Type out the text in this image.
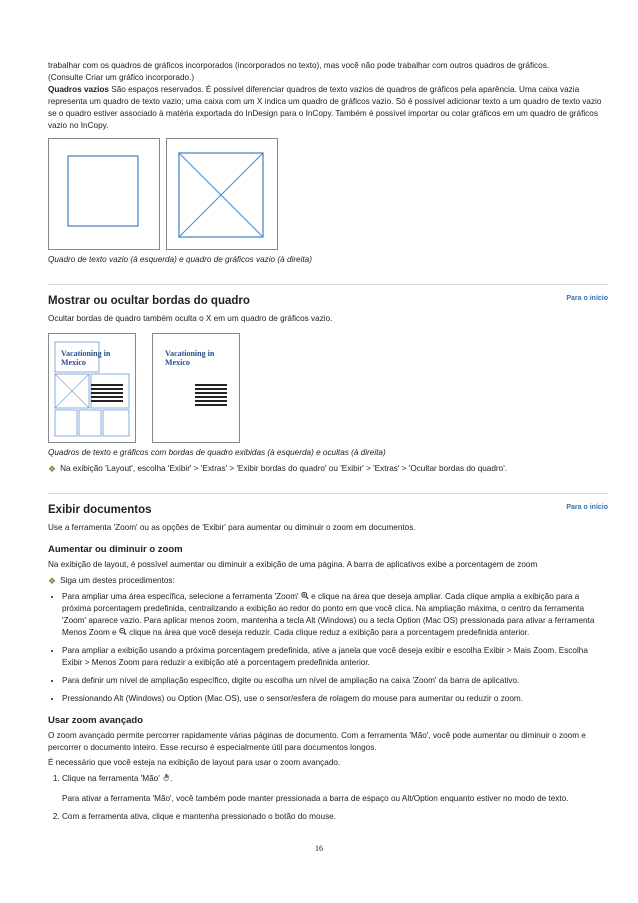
trabalhar com os quadros de gráficos incorporados (incorporados no texto), mas você não pode trabalhar com outros quadros de gráficos.

(Consulte Criar um gráfico incorporado.)

Quadros vazios São espaços reservados. É possível diferenciar quadros de texto vazios de quadros de gráficos pela aparência. Uma caixa vazia representa um quadro de texto vazio; uma caixa com um X indica um quadro de gráficos vazio. Só é possível adicionar texto a um quadro de texto vazio se o quadro estiver associado à matéria exportada do InDesign para o InCopy. Também é possível importar ou colar gráficos em um quadro de gráficos vazio no InCopy.

Quadro de texto vazio (à esquerda) e quadro de gráficos vazio (à direita)

Mostrar ou ocultar bordas do quadro	Para o início

Ocultar bordas de quadro também oculta o X em um quadro de gráficos vazio.

Vacationing in
Mexico
Vacationing in
Mexico

Quadros de texto e gráficos com bordas de quadro exibidas (à esquerda) e ocultas (à direita)

❖ Na exibição 'Layout', escolha 'Exibir' > 'Extras' > 'Exibir bordas do quadro' ou 'Exibir' > 'Extras' > 'Ocultar bordas do quadro'.
Exibir documentos	Para o início

Use a ferramenta 'Zoom' ou as opções de 'Exibir' para aumentar ou diminuir o zoom em documentos.

Aumentar ou diminuir o zoom

Na exibição de layout, é possível aumentar ou diminuir a exibição de uma página. A barra de aplicativos exibe a porcentagem de zoom

❖ Siga um destes procedimentos:
• Para ampliar uma área específica, selecione a ferramenta 'Zoom'  e clique na área que deseja ampliar. Cada clique amplia a exibição para a próxima porcentagem predefinida, centralizando a exibição ao redor do ponto em que você clica. Na ampliação máxima, o centro da ferramenta 'Zoom' aparece vazio. Para aplicar menos zoom, mantenha a tecla Alt (Windows) ou a tecla Option (Mac OS) pressionada para ativar a ferramenta Menos Zoom e  clique na área que você deseja reduzir. Cada clique reduz a exibição para a porcentagem predefinida anterior.
• Para ampliar a exibição usando a próxima porcentagem predefinida, ative a janela que você deseja exibir e escolha Exibir > Mais Zoom. Escolha Exibir > Menos Zoom para reduzir a exibição até a porcentagem predefinida anterior.
• Para definir um nível de ampliação específico, digite ou escolha um nível de ampliação na caixa 'Zoom' da barra de aplicativo.
• Pressionando Alt (Windows) ou Option (Mac OS), use o sensor/esfera de rolagem do mouse para aumentar ou reduzir o zoom.
Usar zoom avançado

O zoom avançado permite percorrer rapidamente várias páginas de documento. Com a ferramenta 'Mão', você pode aumentar ou diminuir o zoom e percorrer o documento inteiro. Esse recurso é especialmente útil para documentos longos.

É necessário que você esteja na exibição de layout para usar o zoom avançado.

1. Clique na ferramenta 'Mão' .

Para ativar a ferramenta 'Mão', você também pode manter pressionada a barra de espaço ou Alt/Option enquanto estiver no modo de texto.

2. Com a ferramenta ativa, clique e mantenha pressionado o botão do mouse.
16
